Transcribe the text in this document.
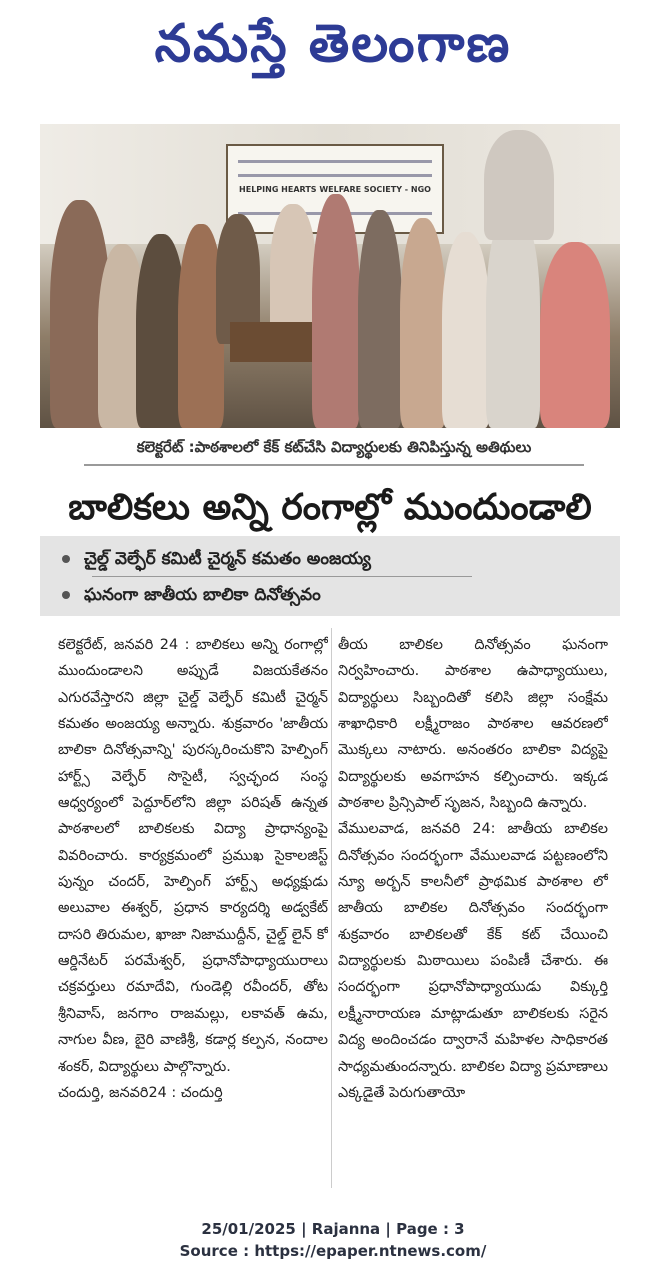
నమస్తే తెలంగాణ
HELPING HEARTS WELFARE SOCIETY - NGO
కలెక్టరేట్ :పాఠశాలలో కేక్ కట్‌చేసి విద్యార్థులకు తినిపిస్తున్న అతిథులు
బాలికలు అన్ని రంగాల్లో ముందుండాలి
చైల్డ్ వెల్ఫేర్ కమిటీ చైర్మన్ కమతం అంజయ్య
ఘనంగా జాతీయ బాలికా దినోత్సవం

కలెక్టరేట్, జనవరి 24 : బాలికలు అన్ని రంగాల్లో ముందుండాలని అప్పుడే విజయకేతనం ఎగురవేస్తారని జిల్లా చైల్డ్ వెల్ఫేర్ కమిటీ చైర్మన్ కమతం అంజయ్య అన్నారు. శుక్రవారం 'జాతీయ బాలికా దినోత్సవాన్ని' పురస్కరించుకొని హెల్పింగ్ హార్ట్స్ వెల్ఫేర్ సొసైటీ, స్వచ్ఛంద సంస్థ ఆధ్వర్యంలో పెద్దూర్‌లోని జిల్లా పరిషత్ ఉన్నత పాఠశాలలో బాలికలకు విద్యా ప్రాధాన్యంపై వివరించారు. కార్యక్రమంలో ప్రముఖ సైకాలజిస్ట్ పున్నం చందర్, హెల్పింగ్ హార్ట్స్ అధ్యక్షుడు అలువాల ఈశ్వర్, ప్రధాన కార్యదర్శి అడ్వకేట్ దాసరి తిరుమల, ఖాజా నిజాముద్దీన్, చైల్డ్ లైన్ కో ఆర్డినేటర్ పరమేశ్వర్, ప్రధానోపాధ్యాయురాలు చక్రవర్తులు రమాదేవి, గుండెల్లి రవీందర్, తోట శ్రీనివాస్, జనగాం రాజమల్లు, లకావత్ ఉమ, నాగుల వీణ, బైరి వాణిశ్రీ, కడార్ల కల్పన, నందాల శంకర్, విద్యార్థులు పాల్గొన్నారు.

చందుర్తి, జనవరి24 : చందుర్తి

తీయ బాలికల దినోత్సవం ఘనంగా నిర్వహించారు. పాఠశాల ఉపాధ్యాయులు, విద్యార్థులు సిబ్బందితో కలిసి జిల్లా సంక్షేమ శాఖాధికారి లక్ష్మీరాజం పాఠశాల ఆవరణలో మొక్కలు నాటారు. అనంతరం బాలికా విద్యపై విద్యార్థులకు అవగాహన కల్పించారు. ఇక్కడ పాఠశాల ప్రిన్సిపాల్ సృజన, సిబ్బంది ఉన్నారు.

వేములవాడ, జనవరి 24: జాతీయ బాలికల దినోత్సవం సందర్భంగా వేములవాడ పట్టణంలోని న్యూ అర్బన్ కాలనీలో ప్రాథమిక పాఠశాల లో జాతీయ బాలికల దినోత్సవం సందర్భంగా శుక్రవారం బాలికలతో కేక్ కట్ చేయించి విద్యార్థులకు మిఠాయిలు పంపిణీ చేశారు. ఈ సందర్భంగా ప్రధానోపాధ్యాయుడు విక్కుర్తి లక్ష్మీనారాయణ మాట్లాడుతూ బాలికలకు సరైన విద్య అందించడం ద్వారానే మహిళల సాధికారత సాధ్యమతుందన్నారు. బాలికల విద్యా ప్రమాణాలు ఎక్కడైతే పెరుగుతాయో

25/01/2025 | Rajanna | Page : 3
Source : https://epaper.ntnews.com/
